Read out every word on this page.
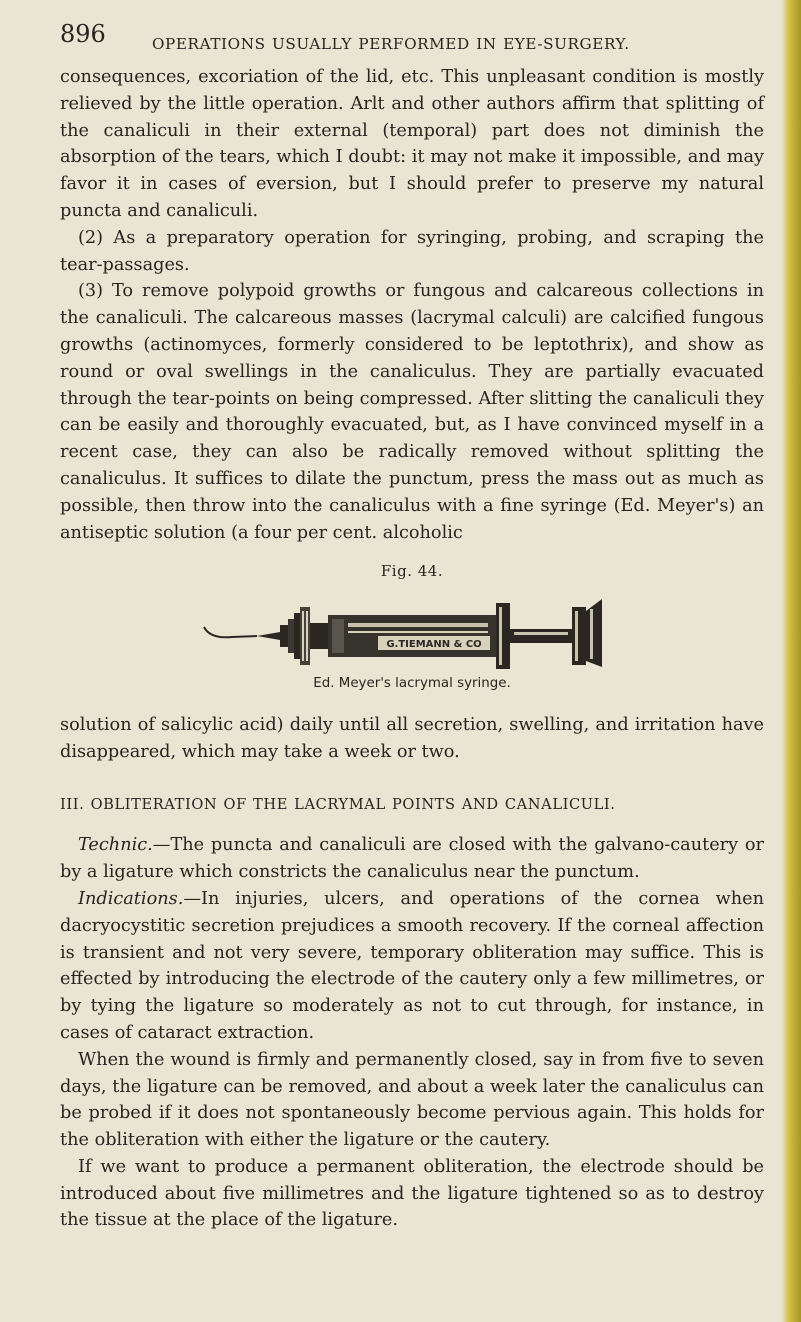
896	OPERATIONS USUALLY PERFORMED IN EYE-SURGERY.

consequences, excoriation of the lid, etc. This unpleasant condition is mostly relieved by the little operation. Arlt and other authors affirm that splitting of the canaliculi in their external (temporal) part does not diminish the absorption of the tears, which I doubt: it may not make it impossible, and may favor it in cases of eversion, but I should prefer to preserve my natural puncta and canaliculi.

(2) As a preparatory operation for syringing, probing, and scraping the tear-passages.

(3) To remove polypoid growths or fungous and calcareous collections in the canaliculi. The calcareous masses (lacrymal calculi) are calcified fungous growths (actinomyces, formerly considered to be leptothrix), and show as round or oval swellings in the canaliculus. They are partially evacuated through the tear-points on being compressed. After slitting the canaliculi they can be easily and thoroughly evacuated, but, as I have convinced myself in a recent case, they can also be radically removed without splitting the canaliculus. It suffices to dilate the punctum, press the mass out as much as possible, then throw into the canaliculus with a fine syringe (Ed. Meyer's) an antiseptic solution (a four per cent. alcoholic

Fig. 44.
G.TIEMANN & CO
Ed. Meyer's lacrymal syringe.

solution of salicylic acid) daily until all secretion, swelling, and irritation have disappeared, which may take a week or two.

III. OBLITERATION OF THE LACRYMAL POINTS AND CANALICULI.

Technic.—The puncta and canaliculi are closed with the galvano-cautery or by a ligature which constricts the canaliculus near the punctum.

Indications.—In injuries, ulcers, and operations of the cornea when dacryocystitic secretion prejudices a smooth recovery. If the corneal affection is transient and not very severe, temporary obliteration may suffice. This is effected by introducing the electrode of the cautery only a few millimetres, or by tying the ligature so moderately as not to cut through, for instance, in cases of cataract extraction.

When the wound is firmly and permanently closed, say in from five to seven days, the ligature can be removed, and about a week later the canaliculus can be probed if it does not spontaneously become pervious again. This holds for the obliteration with either the ligature or the cautery.

If we want to produce a permanent obliteration, the electrode should be introduced about five millimetres and the ligature tightened so as to destroy the tissue at the place of the ligature.
